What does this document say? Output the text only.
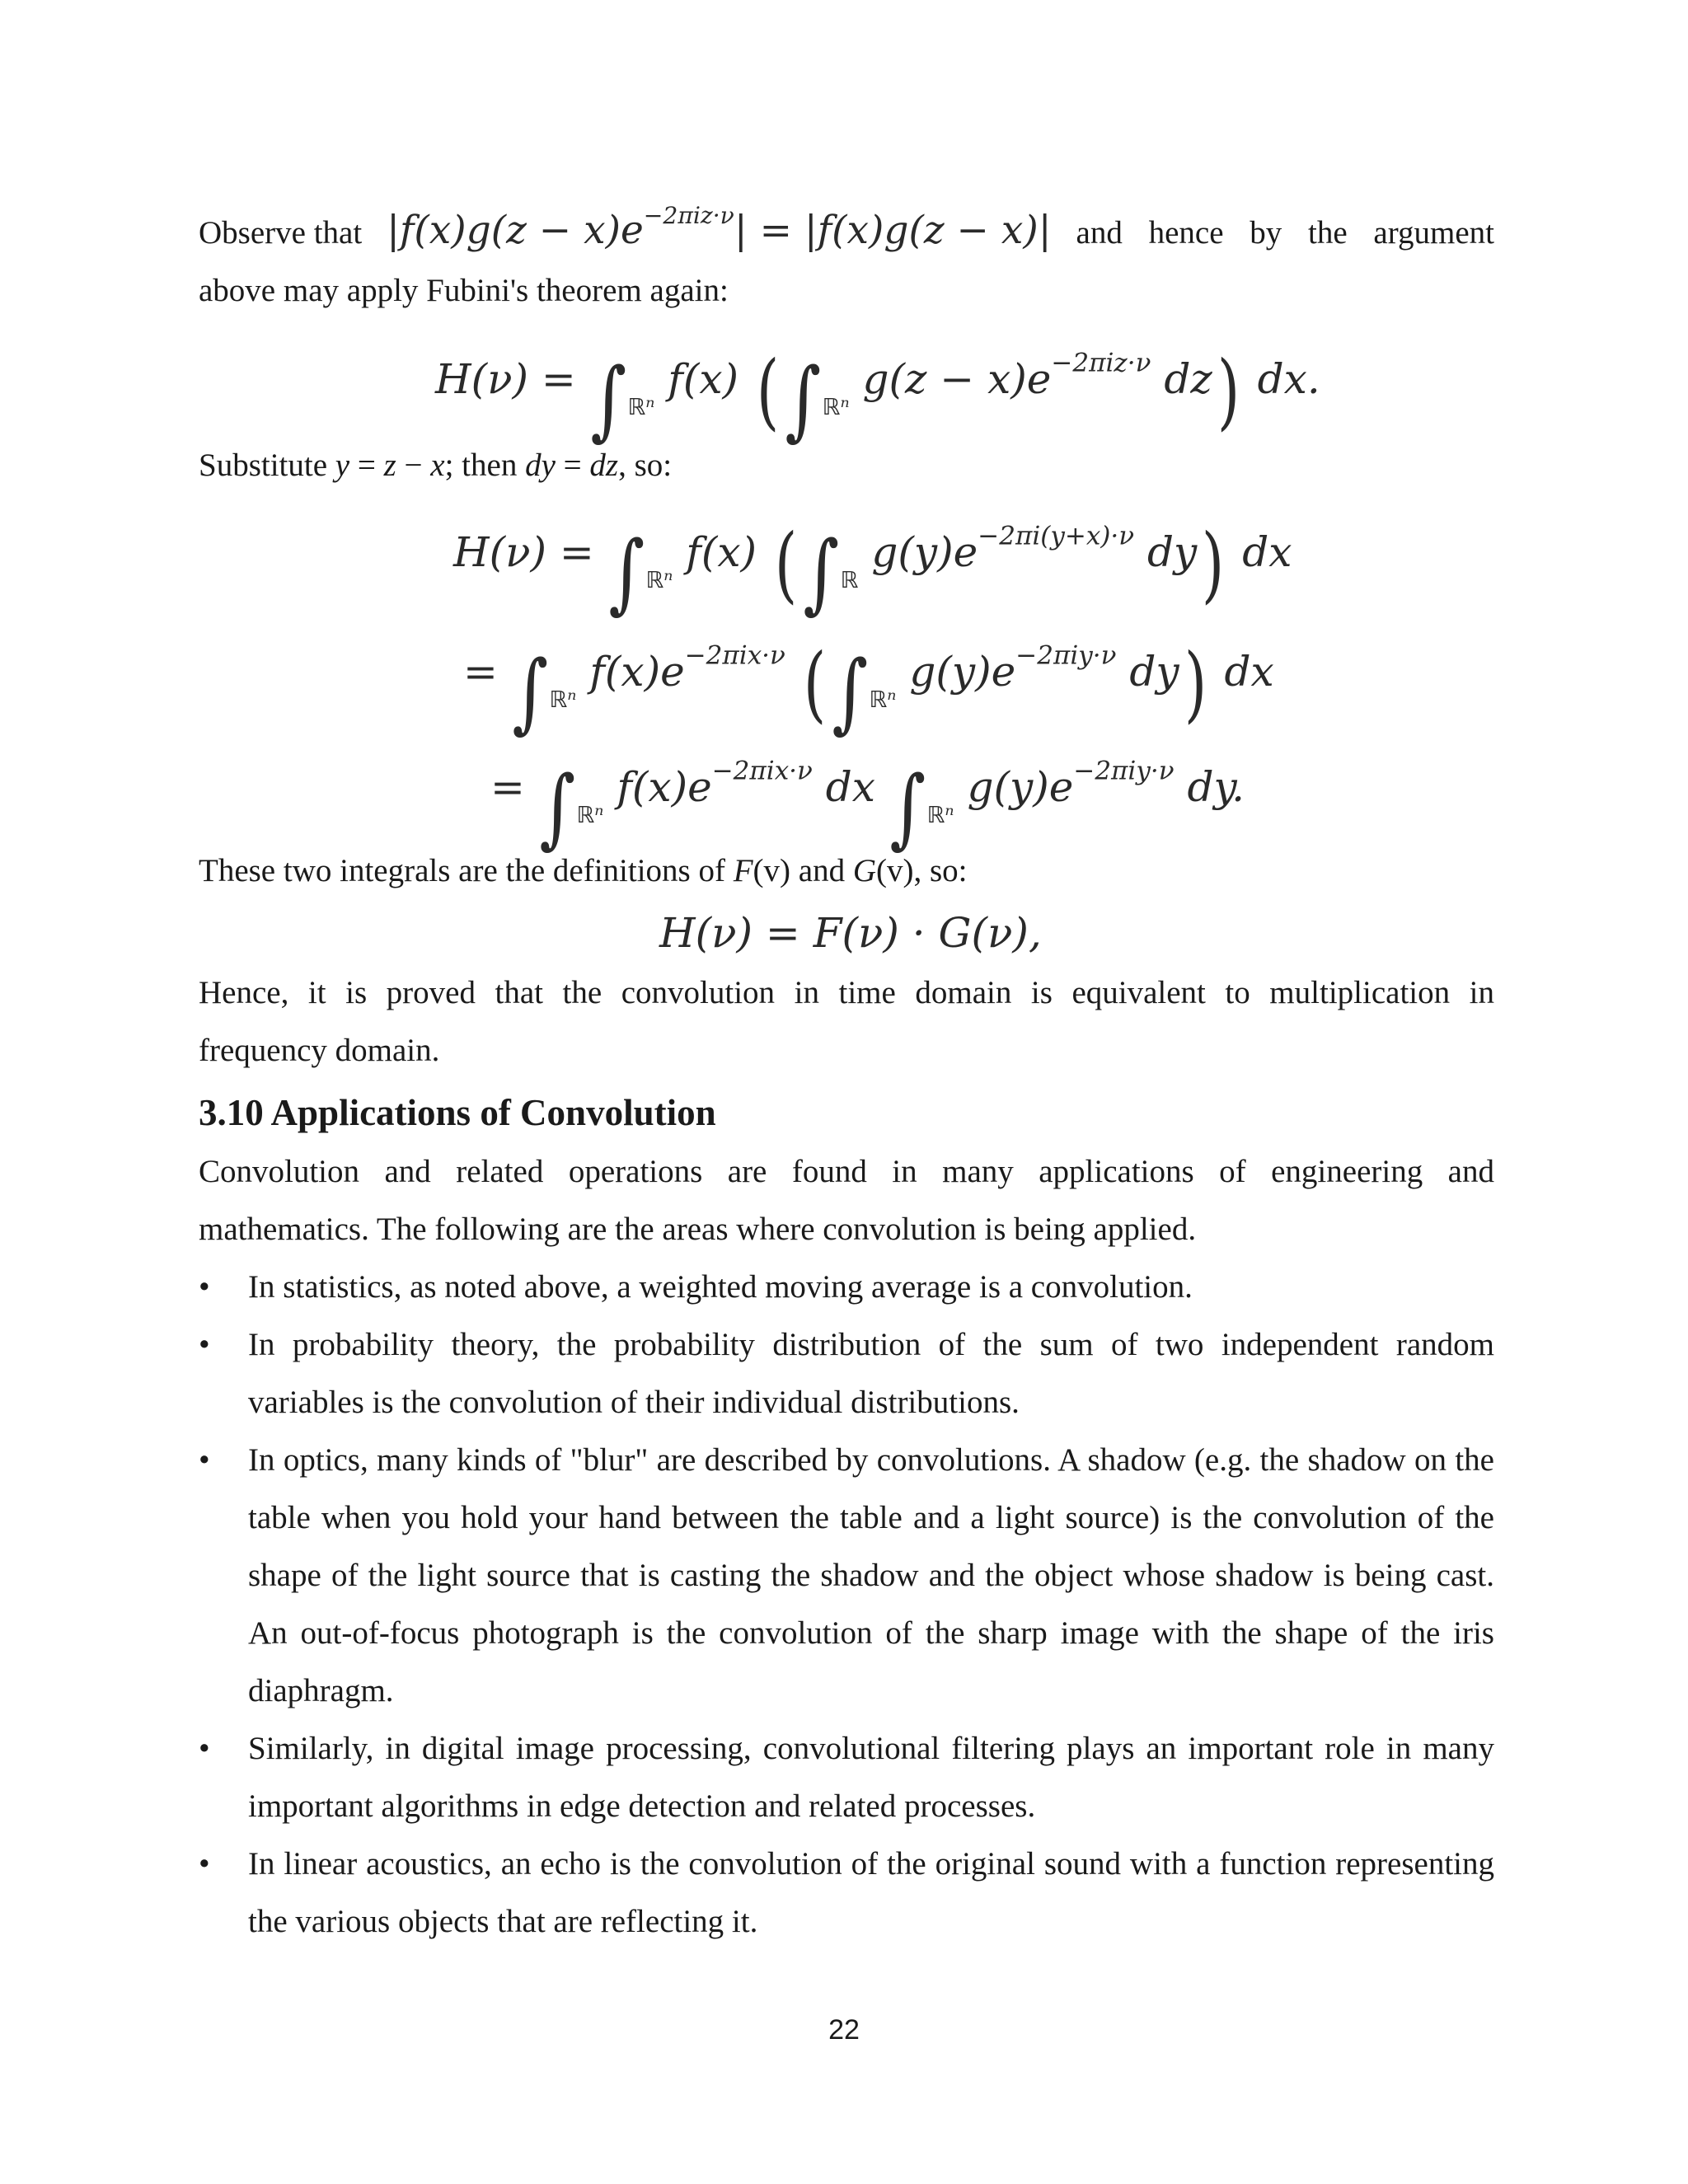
Observe that $|f(x)g(z - x)e^{-2\pi iz\cdot\nu}| = |f(x)g(z - x)|$ and hence by the argument
above may apply Fubini's theorem again:
$H(\nu) = \int_{ℝ^n}$ f(x) ($\int_{ℝ^n}$ $g(z - x)e^{-2\pi iz\cdot\nu}$ dz) dx.
Substitute y = z − x; then dy = dz, so:
$H(\nu) = \int_{ℝ^n}$ f(x) ($\int_ℝ$ $g(y)e^{-2\pi i(y+x)\cdot\nu}$ dy) dx
= $\int_{ℝ^n}$ $f(x)e^{-2\pi ix\cdot\nu}$ ($\int_{ℝ^n}$ $g(y)e^{-2\pi iy\cdot\nu}$ dy) dx
= $\int_{ℝ^n}$ $f(x)e^{-2\pi ix\cdot\nu}$ dx $\int_{ℝ^n}$ $g(y)e^{-2\pi iy\cdot\nu}$ dy.
These two integrals are the definitions of F(v) and G(v), so:
H(ν) = F(ν) · G(ν),
Hence, it is proved that the convolution in time domain is equivalent to multiplication in
frequency domain.
3.10 Applications of Convolution
Convolution and related operations are found in many applications of engineering and
mathematics. The following are the areas where convolution is being applied.
•	In statistics, as noted above, a weighted moving average is a convolution.
•	In probability theory, the probability distribution of the sum of two independent random variables is the convolution of their individual distributions.
•	In optics, many kinds of "blur" are described by convolutions. A shadow (e.g. the shadow on the table when you hold your hand between the table and a light source) is the convolution of the shape of the light source that is casting the shadow and the object whose shadow is being cast. An out-of-focus photograph is the convolution of the sharp image with the shape of the iris diaphragm.
•	Similarly, in digital image processing, convolutional filtering plays an important role in many important algorithms in edge detection and related processes.
•	In linear acoustics, an echo is the convolution of the original sound with a function representing the various objects that are reflecting it.
22
